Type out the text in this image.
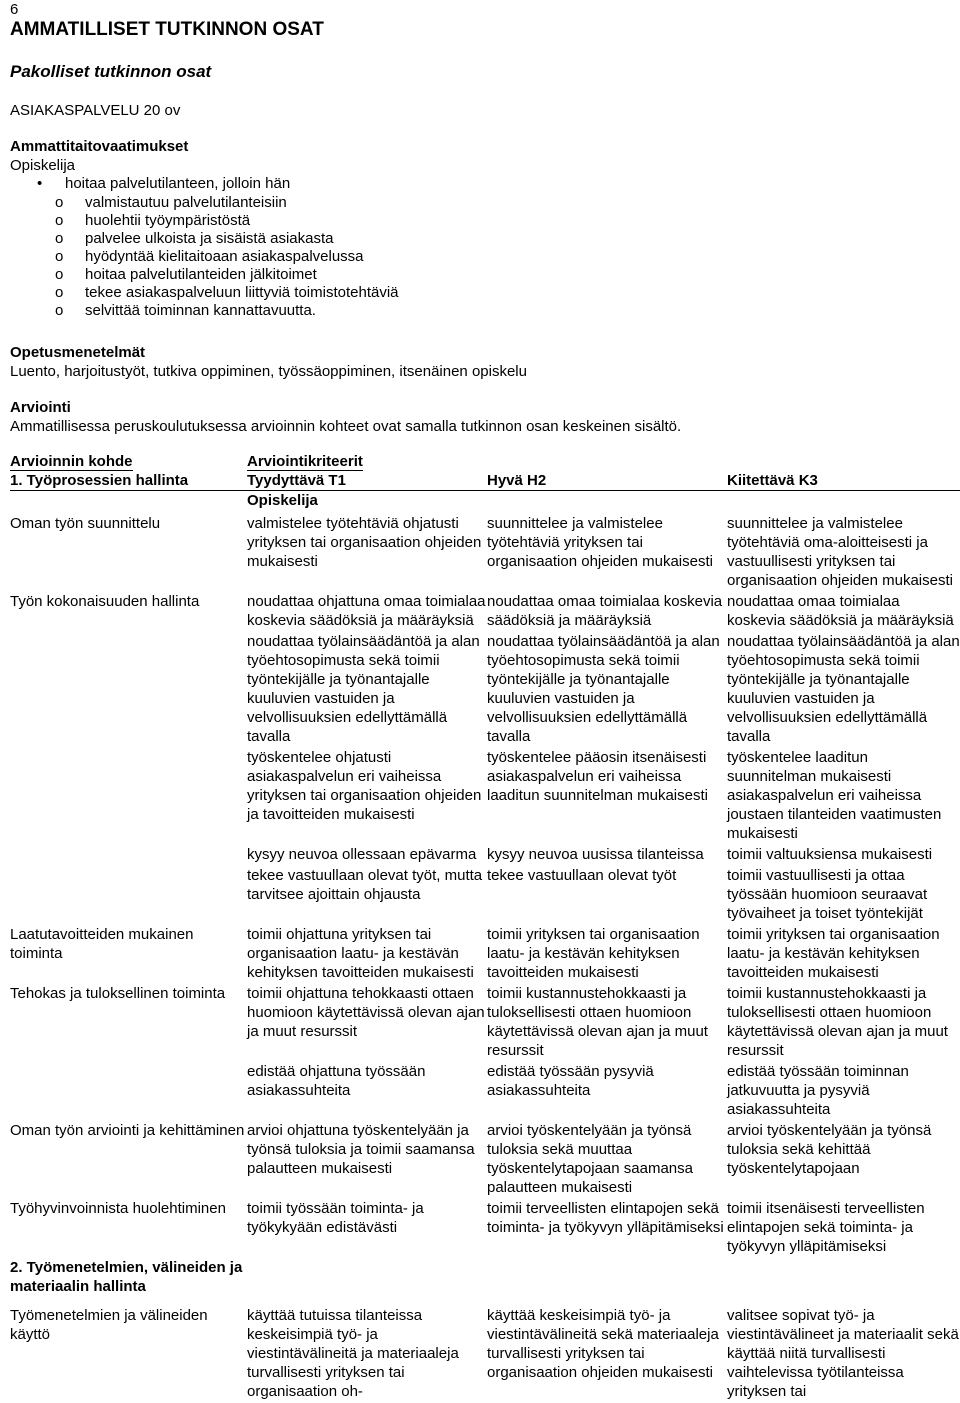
6
AMMATILLISET TUTKINNON OSAT
Pakolliset tutkinnon osat
ASIAKASPALVELU 20 ov
Ammattitaitovaatimukset
Opiskelija
• hoitaa palvelutilanteen, jolloin hän
o valmistautuu palvelutilanteisiin
o huolehtii työympäristöstä
o palvelee ulkoista ja sisäistä asiakasta
o hyödyntää kielitaitoaan asiakaspalvelussa
o hoitaa palvelutilanteiden jälkitoimet
o tekee asiakaspalveluun liittyviä toimistotehtäviä
o selvittää toiminnan kannattavuutta.
Opetusmenetelmät
Luento, harjoitustyöt, tutkiva oppiminen, työssäoppiminen, itsenäinen opiskelu
Arviointi
Ammatillisessa peruskoulutuksessa arvioinnin kohteet ovat samalla tutkinnon osan keskeinen sisältö.
Arvioinnin kohde	Arviointikriteerit		
1. Työprosessien hallinta	Tyydyttävä T1	Hyvä H2	Kiitettävä K3
	Opiskelija		
Oman työn suunnittelu	valmistelee työtehtäviä ohjatusti yrityksen tai organisaation ohjeiden mukaisesti	suunnittelee ja valmistelee työtehtäviä yrityksen tai organisaation ohjeiden mukaisesti	suunnittelee ja valmistelee työtehtäviä oma-aloitteisesti ja vastuullisesti yrityksen tai organisaation ohjeiden mukaisesti
Työn kokonaisuuden hallinta	noudattaa ohjattuna omaa toimialaa koskevia säädöksiä ja määräyksiä	noudattaa omaa toimialaa koskevia säädöksiä ja määräyksiä	noudattaa omaa toimialaa koskevia säädöksiä ja määräyksiä
	noudattaa työlainsäädäntöä ja alan työehtosopimusta sekä toimii työntekijälle ja työnantajalle kuuluvien vastuiden ja velvollisuuksien edellyttämällä tavalla	noudattaa työlainsäädäntöä ja alan työehtosopimusta sekä toimii työntekijälle ja työnantajalle kuuluvien vastuiden ja velvollisuuksien edellyttämällä tavalla	noudattaa työlainsäädäntöä ja alan työehtosopimusta sekä toimii työntekijälle ja työnantajalle kuuluvien vastuiden ja velvollisuuksien edellyttämällä tavalla
	työskentelee ohjatusti asiakaspalvelun eri vaiheissa yrityksen tai organisaation ohjeiden ja tavoitteiden mukaisesti	työskentelee pääosin itsenäisesti asiakaspalvelun eri vaiheissa laaditun suunnitelman mukaisesti	työskentelee laaditun suunnitelman mukaisesti asiakaspalvelun eri vaiheissa joustaen tilanteiden vaatimusten mukaisesti
	kysyy neuvoa ollessaan epävarma	kysyy neuvoa uusissa tilanteissa	toimii valtuuksiensa mukaisesti
	tekee vastuullaan olevat työt, mutta tarvitsee ajoittain ohjausta	tekee vastuullaan olevat työt	toimii vastuullisesti ja ottaa työssään huomioon seuraavat työvaiheet ja toiset työntekijät
Laatutavoitteiden mukainen toiminta	toimii ohjattuna yrityksen tai organisaation laatu- ja kestävän kehityksen tavoitteiden mukaisesti	toimii yrityksen tai organisaation laatu- ja kestävän kehityksen tavoitteiden mukaisesti	toimii yrityksen tai organisaation laatu- ja kestävän kehityksen tavoitteiden mukaisesti
Tehokas ja tuloksellinen toiminta	toimii ohjattuna tehokkaasti ottaen huomioon käytettävissä olevan ajan ja muut resurssit	toimii kustannustehokkaasti ja tuloksellisesti ottaen huomioon käytettävissä olevan ajan ja muut resurssit	toimii kustannustehokkaasti ja tuloksellisesti ottaen huomioon käytettävissä olevan ajan ja muut resurssit
	edistää ohjattuna työssään asiakassuhteita	edistää työssään pysyviä asiakassuhteita	edistää työssään toiminnan jatkuvuutta ja pysyviä asiakassuhteita
Oman työn arviointi ja kehittäminen	arvioi ohjattuna työskentelyään ja työnsä tuloksia ja toimii saamansa palautteen mukaisesti	arvioi työskentelyään ja työnsä tuloksia sekä muuttaa työskentelytapojaan saamansa palautteen mukaisesti	arvioi työskentelyään ja työnsä tuloksia sekä kehittää työskentelytapojaan
Työhyvinvoinnista huolehtiminen	toimii työssään toiminta- ja työkykyään edistävästi	toimii terveellisten elintapojen sekä toiminta- ja työkyvyn ylläpitämiseksi	toimii itsenäisesti terveellisten elintapojen sekä toiminta- ja työkyvyn ylläpitämiseksi
2. Työmenetelmien, välineiden ja materiaalin hallinta			
Työmenetelmien ja välineiden käyttö	käyttää tutuissa tilanteissa keskeisimpiä työ- ja viestintävälineitä ja materiaaleja turvallisesti yrityksen tai organisaation oh-	käyttää keskeisimpiä työ- ja viestintävälineitä sekä materiaaleja turvallisesti yrityksen tai organisaation ohjeiden mukaisesti	valitsee sopivat työ- ja viestintävälineet ja materiaalit sekä käyttää niitä turvallisesti vaihtelevissa työtilanteissa yrityksen tai
